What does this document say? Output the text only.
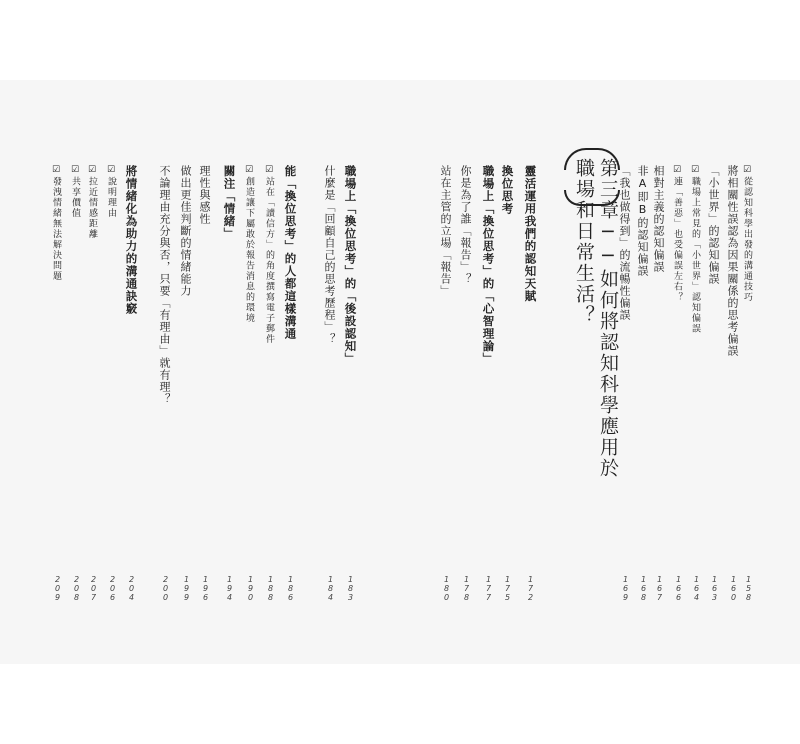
第三章──如何將認知科學應用於
職場和日常生活？	☑從認知科學出發的溝通技巧
158
將相關性誤認為因果關係的思考偏誤
160
「小世界」的認知偏誤
163
☑職場上常見的「小世界」認知偏誤
164
☑連「善惡」也受偏誤左右？
166
相對主義的認知偏誤
167
非A即B的認知偏誤
168
「我也做得到」的流暢性偏誤
169
靈活運用我們的認知天賦
172
換位思考
175
職場上「換位思考」的「心智理論」
177
你是為了誰「報告」？
178
站在主管的立場「報告」
180
職場上「換位思考」的「後設認知」
183
什麼是「回顧自己的思考歷程」？
184
能「換位思考」的人都這樣溝通
186
☑站在「讀信方」的角度撰寫電子郵件
188
☑創造讓下屬敢於報告消息的環境
190
關注「情緒」
194
理性與感性
196
做出更佳判斷的情緒能力
199
不論理由充分與否，只要「有理由」就有理？
200
將情緒化為助力的溝通訣竅
204
☑說明理由
206
☑拉近情感距離
207
☑共享價值
208
☑發洩情緒無法解決問題
209
